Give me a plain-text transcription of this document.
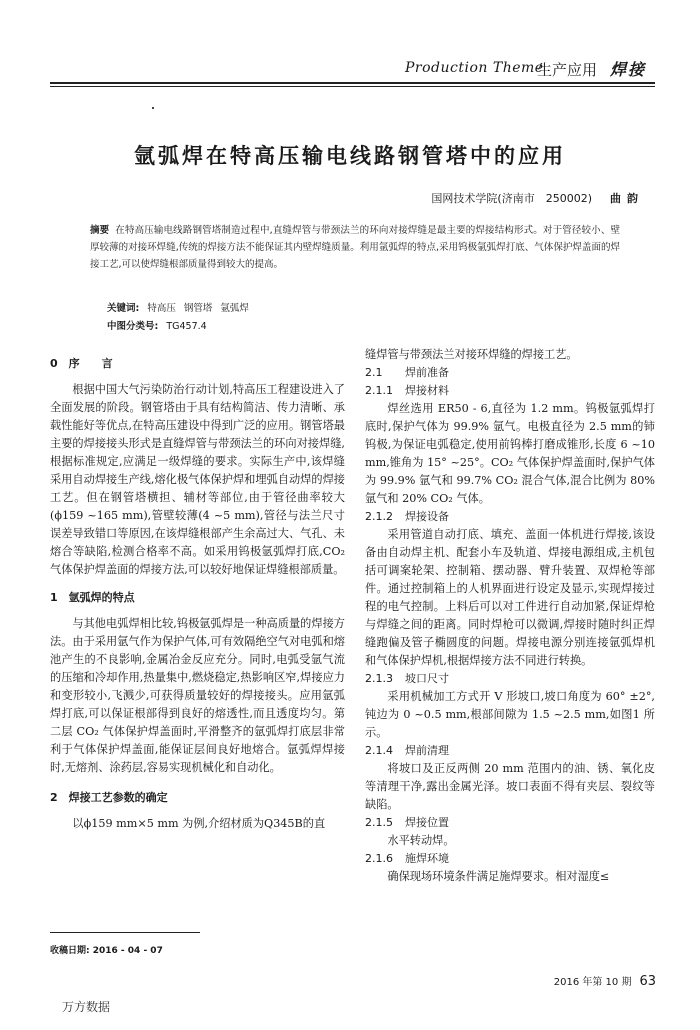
Production Theme
生产应用 焊接
氩弧焊在特高压输电线路钢管塔中的应用
国网技术学院(济南市　250002) 曲韵
摘要 在特高压输电线路钢管塔制造过程中,直缝焊管与带颈法兰的环向对接焊缝是最主要的焊接结构形式。对于管径较小、壁厚较薄的对接环焊缝,传统的焊接方法不能保证其内壁焊缝质量。利用氩弧焊的特点,采用钨极氩弧焊打底、气体保护焊盖面的焊接工艺,可以使焊缝根部质量得到较大的提高。
关键词: 特高压 钢管塔 氩弧焊
中图分类号: TG457.4

0　序　　言

根据中国大气污染防治行动计划,特高压工程建设进入了全面发展的阶段。钢管塔由于具有结构简洁、传力清晰、承载性能好等优点,在特高压建设中得到广泛的应用。钢管塔最主要的焊接接头形式是直缝焊管与带颈法兰的环向对接焊缝,根据标准规定,应满足一级焊缝的要求。实际生产中,该焊缝采用自动焊接生产线,熔化极气体保护焊和埋弧自动焊的焊接工艺。但在钢管塔横担、辅材等部位,由于管径曲率较大(ϕ159 ~165 mm),管壁较薄(4 ~5 mm),管径与法兰尺寸误差导致错口等原因,在该焊缝根部产生余高过大、气孔、未熔合等缺陷,检测合格率不高。如采用钨极氩弧焊打底,CO₂ 气体保护焊盖面的焊接方法,可以较好地保证焊缝根部质量。

1　氩弧焊的特点

与其他电弧焊相比较,钨极氩弧焊是一种高质量的焊接方法。由于采用氩气作为保护气体,可有效隔绝空气对电弧和熔池产生的不良影响,金属冶金反应充分。同时,电弧受氩气流的压缩和冷却作用,热量集中,燃烧稳定,热影响区窄,焊接应力和变形较小,飞溅少,可获得质量较好的焊接接头。应用氩弧焊打底,可以保证根部得到良好的熔透性,而且透度均匀。第二层 CO₂ 气体保护焊盖面时,平滑整齐的氩弧焊打底层非常利于气体保护焊盖面,能保证层间良好地熔合。氩弧焊焊接时,无熔剂、涂药层,容易实现机械化和自动化。

2　焊接工艺参数的确定

以ϕ159 mm×5 mm 为例,介绍材质为Q345B的直

缝焊管与带颈法兰对接环焊缝的焊接工艺。

2.1 焊前准备

2.1.1 焊接材料

焊丝选用 ER50 - 6,直径为 1.2 mm。钨极氩弧焊打底时,保护气体为 99.9% 氩气。电极直径为 2.5 mm的铈钨极,为保证电弧稳定,使用前钨棒打磨成锥形,长度 6 ~10 mm,锥角为 15° ~25°。CO₂ 气体保护焊盖面时,保护气体为 99.9% 氩气和 99.7% CO₂ 混合气体,混合比例为 80% 氩气和 20% CO₂ 气体。

2.1.2 焊接设备

采用管道自动打底、填充、盖面一体机进行焊接,该设备由自动焊主机、配套小车及轨道、焊接电源组成,主机包括可调案轮架、控制箱、摆动器、臂升装置、双焊枪等部件。通过控制箱上的人机界面进行设定及显示,实现焊接过程的电气控制。上料后可以对工件进行自动加紧,保证焊枪与焊缝之间的距离。同时焊枪可以微调,焊接时随时纠正焊缝跑偏及管子椭圆度的问题。焊接电源分别连接氩弧焊机和气体保护焊机,根据焊接方法不同进行转换。

2.1.3 坡口尺寸

采用机械加工方式开 V 形坡口,坡口角度为 60° ±2°,钝边为 0 ~0.5 mm,根部间隙为 1.5 ~2.5 mm,如图1 所示。

2.1.4 焊前清理

将坡口及正反两侧 20 mm 范围内的油、锈、氧化皮等清理干净,露出金属光泽。坡口表面不得有夹层、裂纹等缺陷。

2.1.5 焊接位置

水平转动焊。

2.1.6 施焊环境

确保现场环境条件满足施焊要求。相对湿度≤

收稿日期: 2016 - 04 - 07
2016 年第 10 期 63
万方数据
